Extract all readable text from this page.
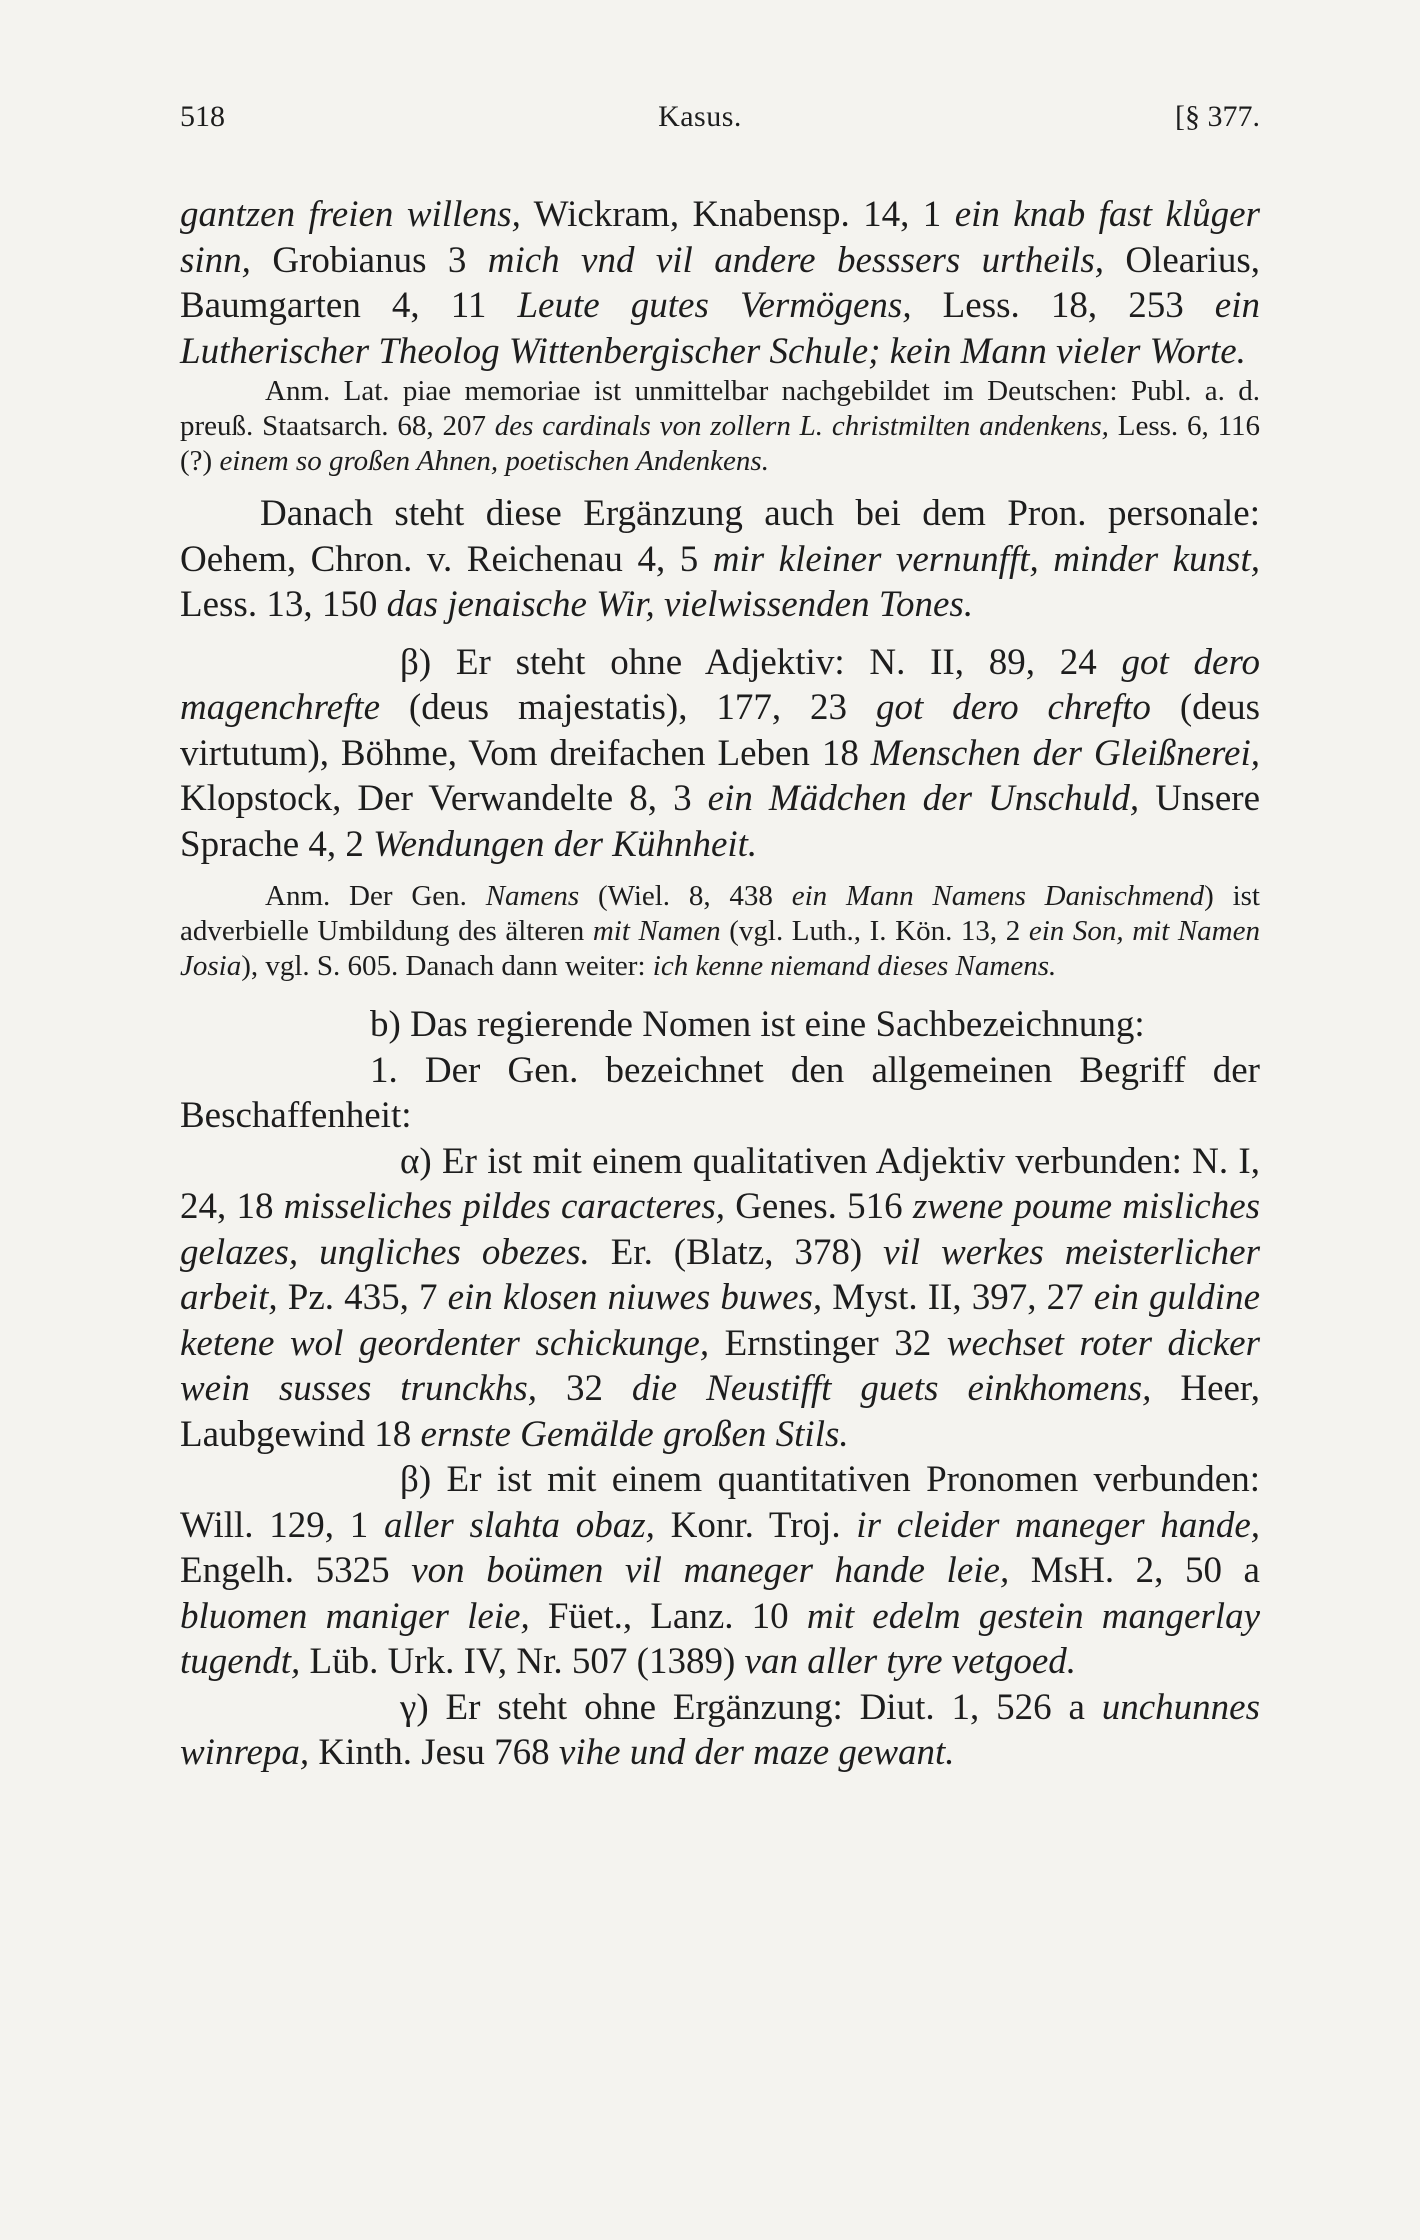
518	Kasus.	[§ 377.

gantzen freien willens, Wickram, Knabensp. 14, 1 ein knab fast klůger sinn, Grobianus 3 mich vnd vil andere besssers urtheils, Olearius, Baumgarten 4, 11 Leute gutes Vermögens, Less. 18, 253 ein Lutherischer Theolog Wittenbergischer Schule; kein Mann vieler Worte.

Anm. Lat. piae memoriae ist unmittelbar nachgebildet im Deutschen: Publ. a. d. preuß. Staatsarch. 68, 207 des cardinals von zollern L. christmilten andenkens, Less. 6, 116 (?) einem so großen Ahnen, poetischen Andenkens.

Danach steht diese Ergänzung auch bei dem Pron. personale: Oehem, Chron. v. Reichenau 4, 5 mir kleiner vernunfft, minder kunst, Less. 13, 150 das jenaische Wir, vielwissenden Tones.

β) Er steht ohne Adjektiv: N. II, 89, 24 got dero magenchrefte (deus majestatis), 177, 23 got dero chrefto (deus virtutum), Böhme, Vom dreifachen Leben 18 Menschen der Gleißnerei, Klopstock, Der Verwandelte 8, 3 ein Mädchen der Unschuld, Unsere Sprache 4, 2 Wendungen der Kühnheit.

Anm. Der Gen. Namens (Wiel. 8, 438 ein Mann Namens Danischmend) ist adverbielle Umbildung des älteren mit Namen (vgl. Luth., I. Kön. 13, 2 ein Son, mit Namen Josia), vgl. S. 605. Danach dann weiter: ich kenne niemand dieses Namens.

b) Das regierende Nomen ist eine Sachbezeichnung:

1. Der Gen. bezeichnet den allgemeinen Begriff der Beschaffenheit:

α) Er ist mit einem qualitativen Adjektiv verbunden: N. I, 24, 18 misseliches pildes caracteres, Genes. 516 zwene poume misliches gelazes, ungliches obezes. Er. (Blatz, 378) vil werkes meisterlicher arbeit, Pz. 435, 7 ein klosen niuwes buwes, Myst. II, 397, 27 ein guldine ketene wol geordenter schickunge, Ernstinger 32 wechset roter dicker wein susses trunckhs, 32 die Neustifft guets einkhomens, Heer, Laubgewind 18 ernste Gemälde großen Stils.

β) Er ist mit einem quantitativen Pronomen verbunden: Will. 129, 1 aller slahta obaz, Konr. Troj. ir cleider maneger hande, Engelh. 5325 von boümen vil maneger hande leie, MsH. 2, 50 a bluomen maniger leie, Füet., Lanz. 10 mit edelm gestein mangerlay tugendt, Lüb. Urk. IV, Nr. 507 (1389) van aller tyre vetgoed.

γ) Er steht ohne Ergänzung: Diut. 1, 526 a unchunnes winrepa, Kinth. Jesu 768 vihe und der maze gewant.
